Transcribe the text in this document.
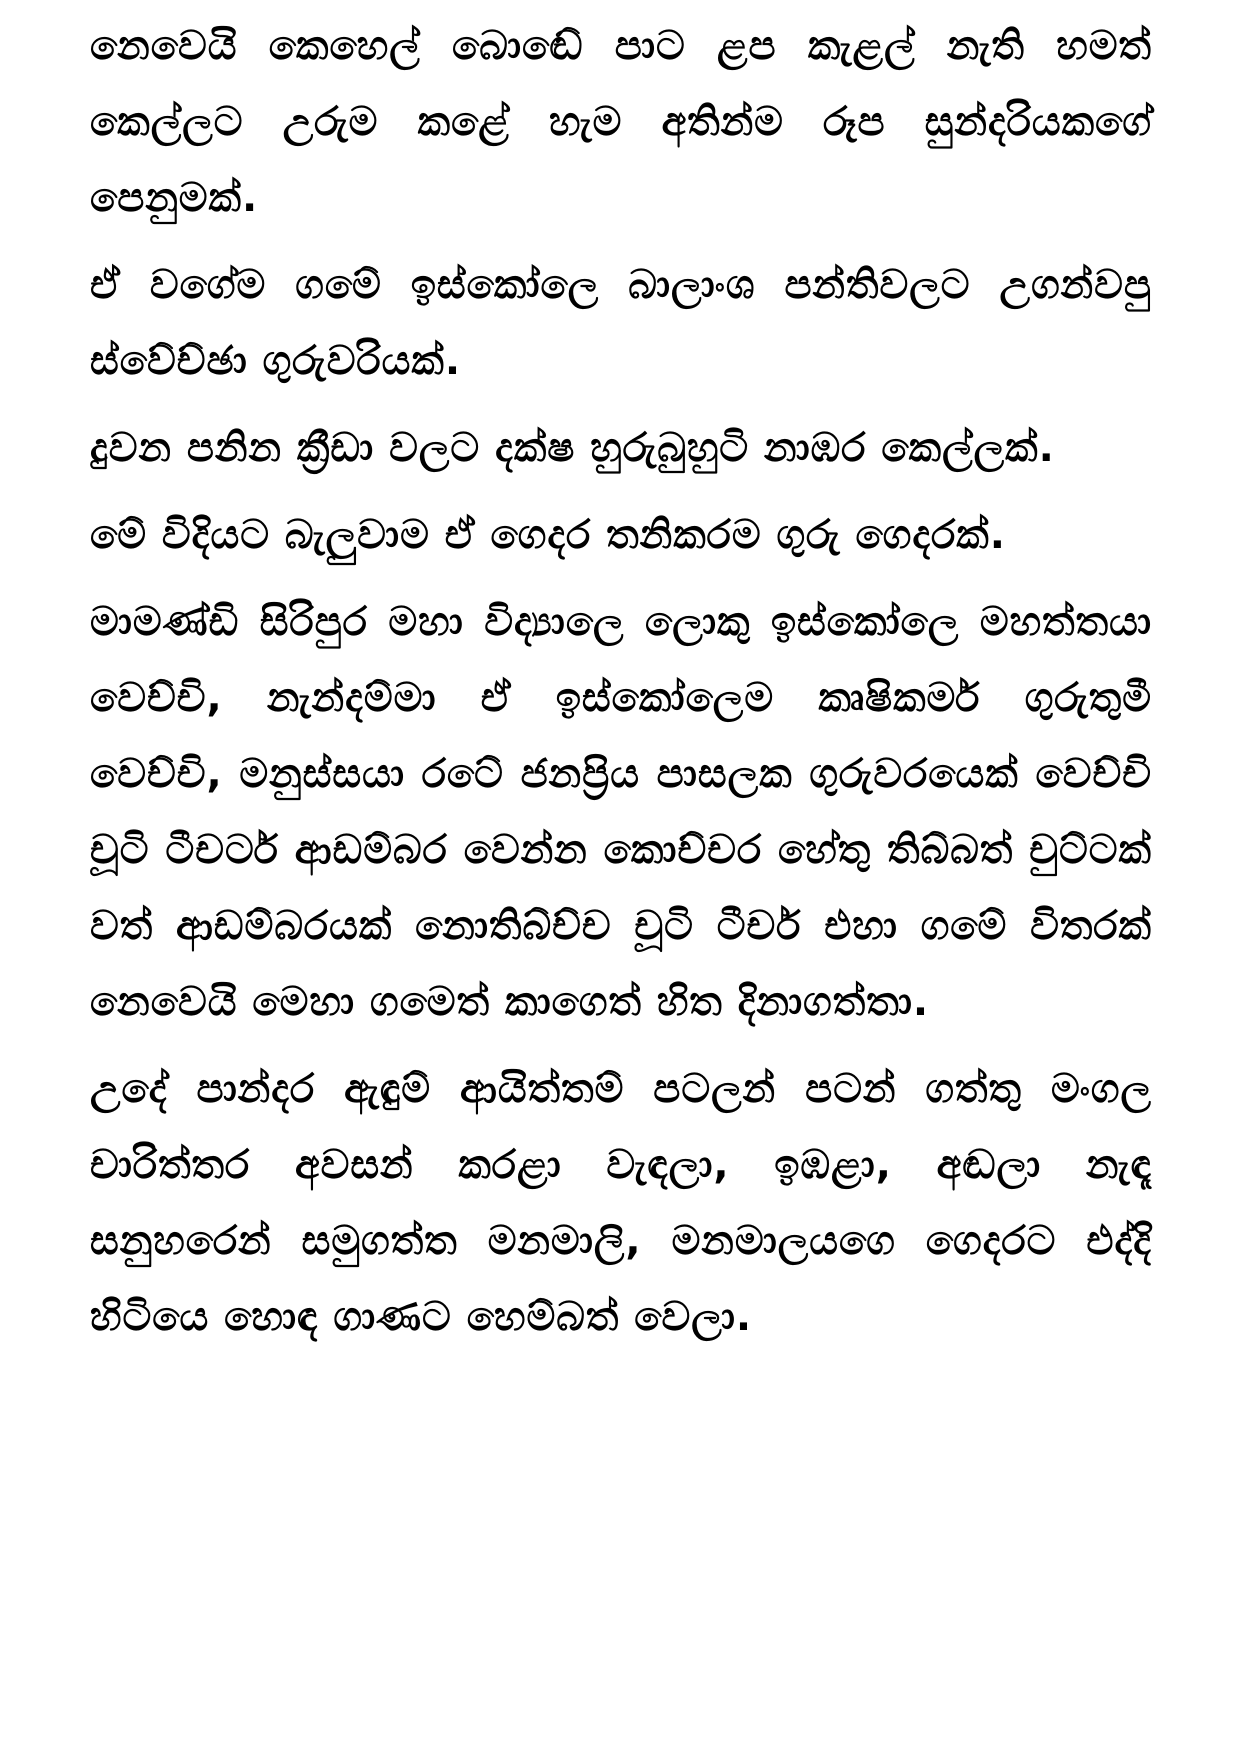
නෙවෙයි කෙහෙල් බොඬේ පාට ළප කැළල් නැති හමත් කෙල්ලට උරුම කළේ හැම අතින්ම රූප සුන්දරියකගේ පෙනුමක්.

ඒ වගේම ගමේ ඉස්කෝලෙ බාලාංශ පන්තිවලට උගන්වපු ස්වේච්ඡා ගුරුවරියක්.

දුවන පනින ක්‍රීඩා වලට දක්ෂ හුරුබුහුටි නාඹර කෙල්ලක්.

මේ විදියට බැලුවාම ඒ ගෙදර තනිකරම ගුරු ගෙදරක්.

මාමණ්ඩි සිරිපුර මහා විද්‍යාලෙ ලොකු ඉස්කෝලෙ මහත්තයා වෙච්චි, නැන්දම්මා ඒ ඉස්කෝලෙම කෘෂිකර්ම ගුරුතුමී වෙච්චි, මනුස්සයා රටේ ජනප්‍රිය පාසලක ගුරුවරයෙක් වෙච්චි චූටි ටීචර්ට ආඩම්බර වෙන්න කොච්චර හේතු තිබ්බත් චුට්ටක් වත් ආඩම්බරයක් නොතිබ්ච්ච චූටි ටීචර් එහා ගමේ විතරක් නෙවෙයි මෙහා ගමෙත් කාගෙත් හිත දිනාගත්තා.

උදේ පාන්දර ඇඳුම් ආයිත්තම් පටලන් පටන් ගත්තු මංගල චාරිත්තර අවසන් කරළා වැඳලා, ඉඹළා, අඬලා නැඳෑ සනුහරෙන් සමුගත්ත මනමාලි, මනමාලයගෙ ගෙදරට එද්දි හිටියෙ හොඳ ගාණට හෙම්බත් වෙලා.
